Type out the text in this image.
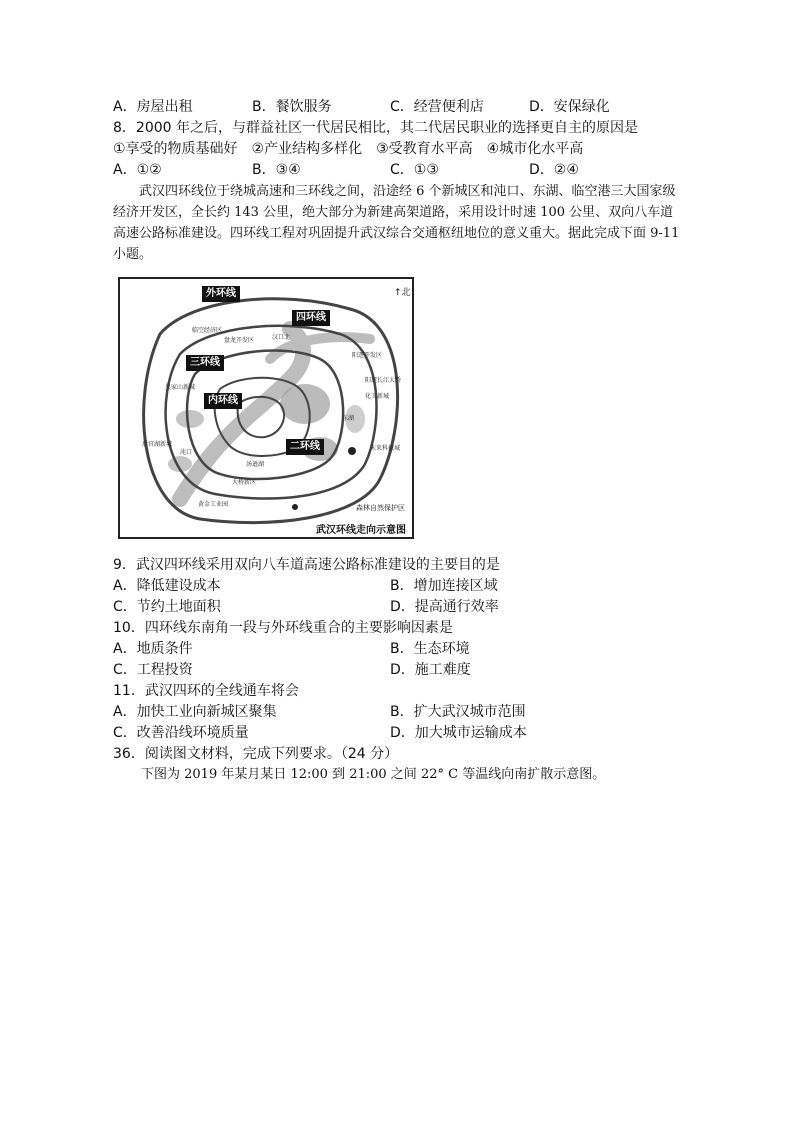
A．房屋出租	B．餐饮服务	C．经营便利店	D．安保绿化
8．2000 年之后，与群益社区一代居民相比，其二代居民职业的选择更自主的原因是
①享受的物质基础好　②产业结构多样化　③受教育水平高　④城市化水平高
A．①②	B．③④	C．①③	D．②④

武汉四环线位于绕城高速和三环线之间，沿途经 6 个新城区和沌口、东湖、临空港三大国家级经济开发区，全长约 143 公里，绝大部分为新建高架道路，采用设计时速 100 公里、双向八车道高速公路标准建设。四环线工程对巩固提升武汉综合交通枢纽地位的意义重大。据此完成下面 9-11 小题。

外环线
四环线
三环线
内环线
二环线
↑北
临空经济区
盘龙开发区	汉口北
阳逻开发区
阳逻长江大桥
化工新城
吴家山新城
后官湖新城
未来科技城
大桥新区
黄金工业园
沌口
东湖
汤逊湖
森林自然保护区
武汉环线走向示意图
9．武汉四环线采用双向八车道高速公路标准建设的主要目的是
A．降低建设成本	B．增加连接区域
C．节约土地面积	D．提高通行效率
10．四环线东南角一段与外环线重合的主要影响因素是
A．地质条件	B．生态环境
C．工程投资	D．施工难度
11．武汉四环的全线通车将会
A．加快工业向新城区聚集	B．扩大武汉城市范围
C．改善沿线环境质量	D．加大城市运输成本
36．阅读图文材料，完成下列要求。（24 分）
下图为 2019 年某月某日 12:00 到 21:00 之间 22° C 等温线向南扩散示意图。
